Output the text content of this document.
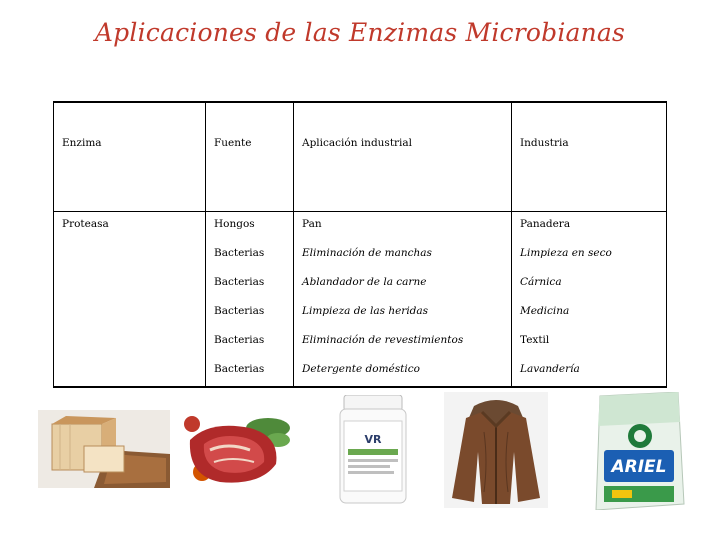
Aplicaciones de las Enzimas Microbianas
Enzima	Fuente	Aplicación industrial	Industria
Proteasa	Hongos	Pan	Panadera
	Bacterias	Eliminación de manchas	Limpieza en seco
	Bacterias	Ablandador de la carne	Cárnica
	Bacterias	Limpieza de las heridas	Medicina
	Bacterias	Eliminación de revestimientos	Textil
	Bacterias	Detergente doméstico	Lavandería
VR
ARIEL
